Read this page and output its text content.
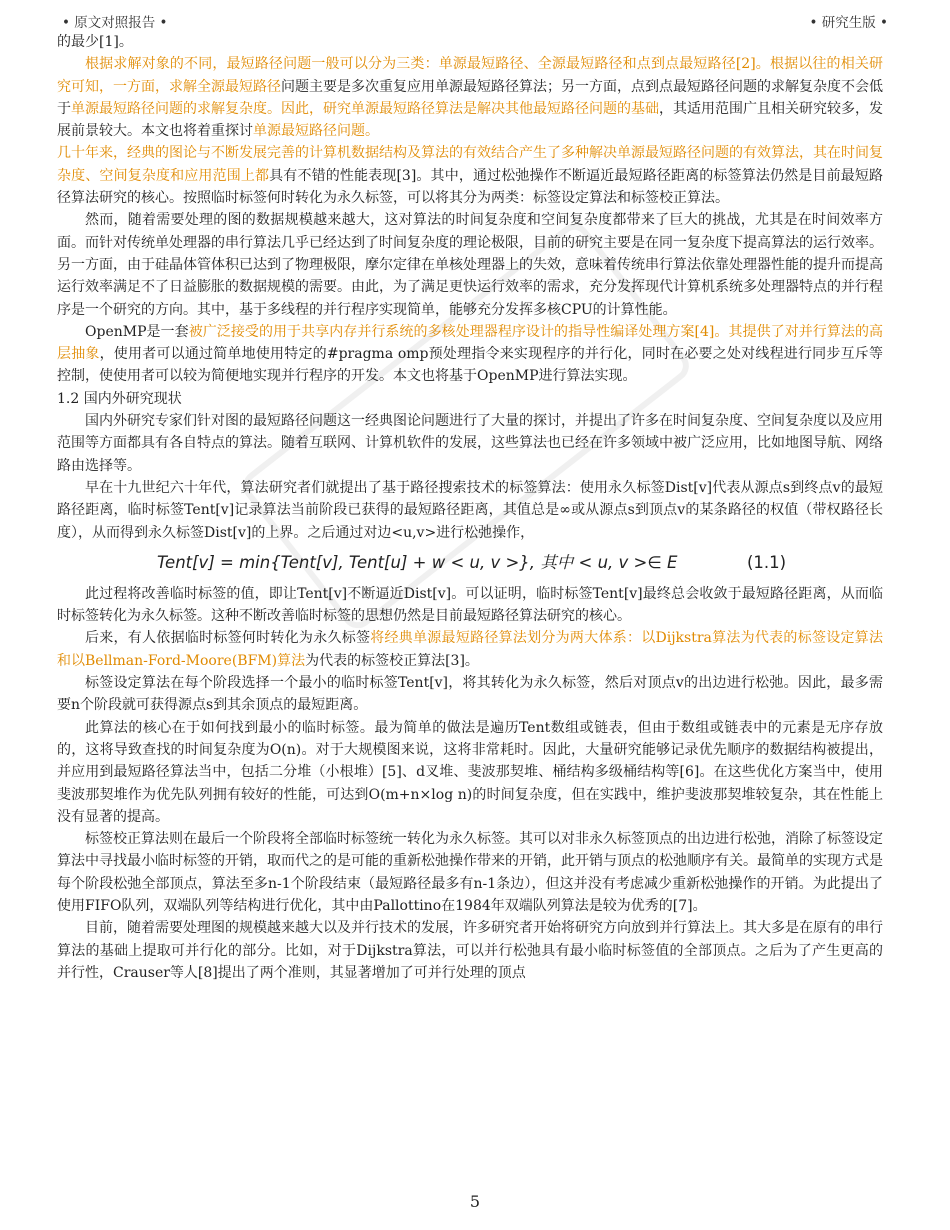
• 原文对照报告 •	• 研究生版 •

的最少[1]。

根据求解对象的不同，最短路径问题一般可以分为三类：单源最短路径、全源最短路径和点到点最短路径[2]。根据以往的相关研究可知，一方面，求解全源最短路径问题主要是多次重复应用单源最短路径算法；另一方面，点到点最短路径问题的求解复杂度不会低于单源最短路径问题的求解复杂度。因此，研究单源最短路径算法是解决其他最短路径问题的基础，其适用范围广且相关研究较多，发展前景较大。本文也将着重探讨单源最短路径问题。

几十年来，经典的图论与不断发展完善的计算机数据结构及算法的有效结合产生了多种解决单源最短路径问题的有效算法，其在时间复杂度、空间复杂度和应用范围上都具有不错的性能表现[3]。其中，通过松弛操作不断逼近最短路径距离的标签算法仍然是目前最短路径算法研究的核心。按照临时标签何时转化为永久标签，可以将其分为两类：标签设定算法和标签校正算法。

然而，随着需要处理的图的数据规模越来越大，这对算法的时间复杂度和空间复杂度都带来了巨大的挑战，尤其是在时间效率方面。而针对传统单处理器的串行算法几乎已经达到了时间复杂度的理论极限，目前的研究主要是在同一复杂度下提高算法的运行效率。另一方面，由于硅晶体管体积已达到了物理极限，摩尔定律在单核处理器上的失效，意味着传统串行算法依靠处理器性能的提升而提高运行效率满足不了日益膨胀的数据规模的需要。由此，为了满足更快运行效率的需求，充分发挥现代计算机系统多处理器特点的并行程序是一个研究的方向。其中，基于多线程的并行程序实现简单，能够充分发挥多核CPU的计算性能。

OpenMP是一套被广泛接受的用于共享内存并行系统的多核处理器程序设计的指导性编译处理方案[4]。其提供了对并行算法的高层抽象，使用者可以通过简单地使用特定的#pragma omp预处理指令来实现程序的并行化，同时在必要之处对线程进行同步互斥等控制，使使用者可以较为简便地实现并行程序的开发。本文也将基于OpenMP进行算法实现。

1.2 国内外研究现状

国内外研究专家们针对图的最短路径问题这一经典图论问题进行了大量的探讨，并提出了许多在时间复杂度、空间复杂度以及应用范围等方面都具有各自特点的算法。随着互联网、计算机软件的发展，这些算法也已经在许多领域中被广泛应用，比如地图导航、网络路由选择等。

早在十九世纪六十年代，算法研究者们就提出了基于路径搜索技术的标签算法：使用永久标签Dist[v]代表从源点s到终点v的最短路径距离，临时标签Tent[v]记录算法当前阶段已获得的最短路径距离，其值总是∞或从源点s到顶点v的某条路径的权值（带权路径长度），从而得到永久标签Dist[v]的上界。之后通过对边<u,v>进行松弛操作，

Tent[v] = min{Tent[v], Tent[u] + w < u, v >}, 其中 < u, v >∈ E	(1.1)

此过程将改善临时标签的值，即让Tent[v]不断逼近Dist[v]。可以证明，临时标签Tent[v]最终总会收敛于最短路径距离，从而临时标签转化为永久标签。这种不断改善临时标签的思想仍然是目前最短路径算法研究的核心。

后来，有人依据临时标签何时转化为永久标签将经典单源最短路径算法划分为两大体系：以Dijkstra算法为代表的标签设定算法和以Bellman-Ford-Moore(BFM)算法为代表的标签校正算法[3]。

标签设定算法在每个阶段选择一个最小的临时标签Tent[v]，将其转化为永久标签，然后对顶点v的出边进行松弛。因此，最多需要n个阶段就可获得源点s到其余顶点的最短距离。

此算法的核心在于如何找到最小的临时标签。最为简单的做法是遍历Tent数组或链表，但由于数组或链表中的元素是无序存放的，这将导致查找的时间复杂度为O(n)。对于大规模图来说，这将非常耗时。因此，大量研究能够记录优先顺序的数据结构被提出，并应用到最短路径算法当中，包括二分堆（小根堆）[5]、d叉堆、斐波那契堆、桶结构多级桶结构等[6]。在这些优化方案当中，使用斐波那契堆作为优先队列拥有较好的性能，可达到O(m+n×log n)的时间复杂度，但在实践中，维护斐波那契堆较复杂，其在性能上没有显著的提高。

标签校正算法则在最后一个阶段将全部临时标签统一转化为永久标签。其可以对非永久标签顶点的出边进行松弛，消除了标签设定算法中寻找最小临时标签的开销，取而代之的是可能的重新松弛操作带来的开销，此开销与顶点的松弛顺序有关。最简单的实现方式是每个阶段松弛全部顶点，算法至多n-1个阶段结束（最短路径最多有n-1条边），但这并没有考虑减少重新松弛操作的开销。为此提出了使用FIFO队列，双端队列等结构进行优化，其中由Pallottino在1984年双端队列算法是较为优秀的[7]。

目前，随着需要处理图的规模越来越大以及并行技术的发展，许多研究者开始将研究方向放到并行算法上。其大多是在原有的串行算法的基础上提取可并行化的部分。比如，对于Dijkstra算法，可以并行松弛具有最小临时标签值的全部顶点。之后为了产生更高的并行性，Crauser等人[8]提出了两个准则，其显著增加了可并行处理的顶点

5
